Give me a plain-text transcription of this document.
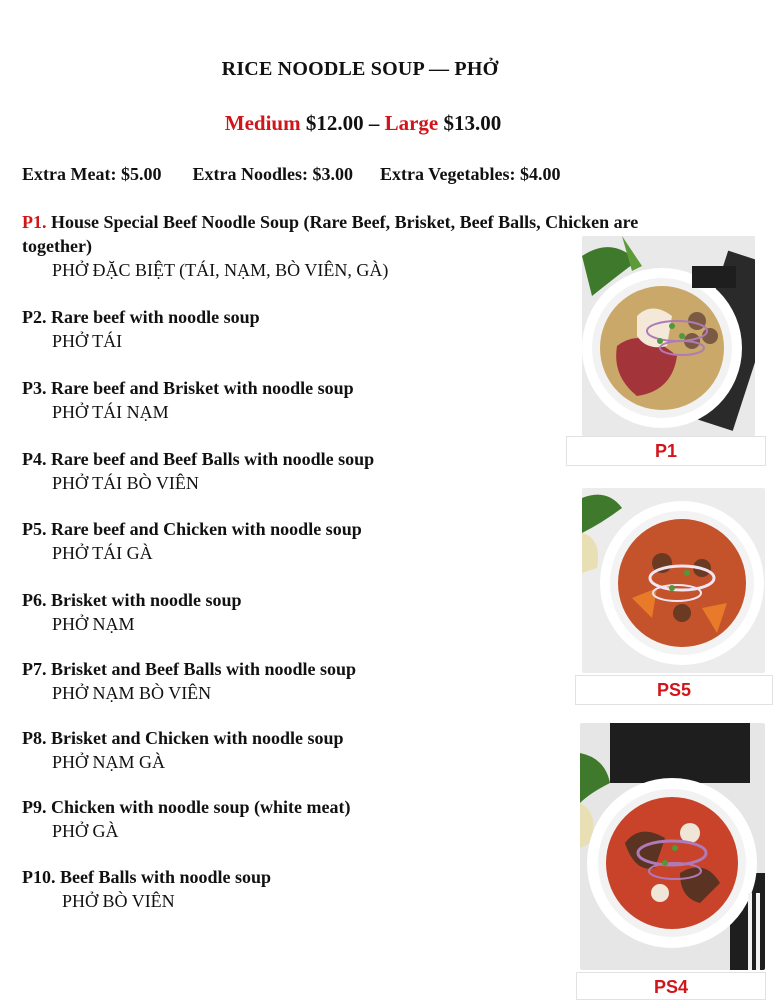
RICE NOODLE SOUP — PHỞ
Medium $12.00 – Large $13.00
Extra Meat: $5.00 Extra Noodles: $3.00 Extra Vegetables: $4.00
P1. House Special Beef Noodle Soup (Rare Beef, Brisket, Beef Balls, Chicken are together)
PHỞ ĐẶC BIỆT (TÁI, NẠM, BÒ VIÊN, GÀ)
P2. Rare beef with noodle soup
PHỞ TÁI
P3. Rare beef and Brisket with noodle soup
PHỞ TÁI NẠM
P4. Rare beef and Beef Balls with noodle soup
PHỞ TÁI BÒ VIÊN
P5. Rare beef and Chicken with noodle soup
PHỞ TÁI GÀ
P6. Brisket with noodle soup
PHỞ NẠM
P7. Brisket and Beef Balls with noodle soup
PHỞ NẠM BÒ VIÊN
P8. Brisket and Chicken with noodle soup
PHỞ NẠM GÀ
P9. Chicken with noodle soup (white meat)
PHỞ GÀ
P10. Beef Balls with noodle soup
PHỞ BÒ VIÊN
P1
PS5
PS4
